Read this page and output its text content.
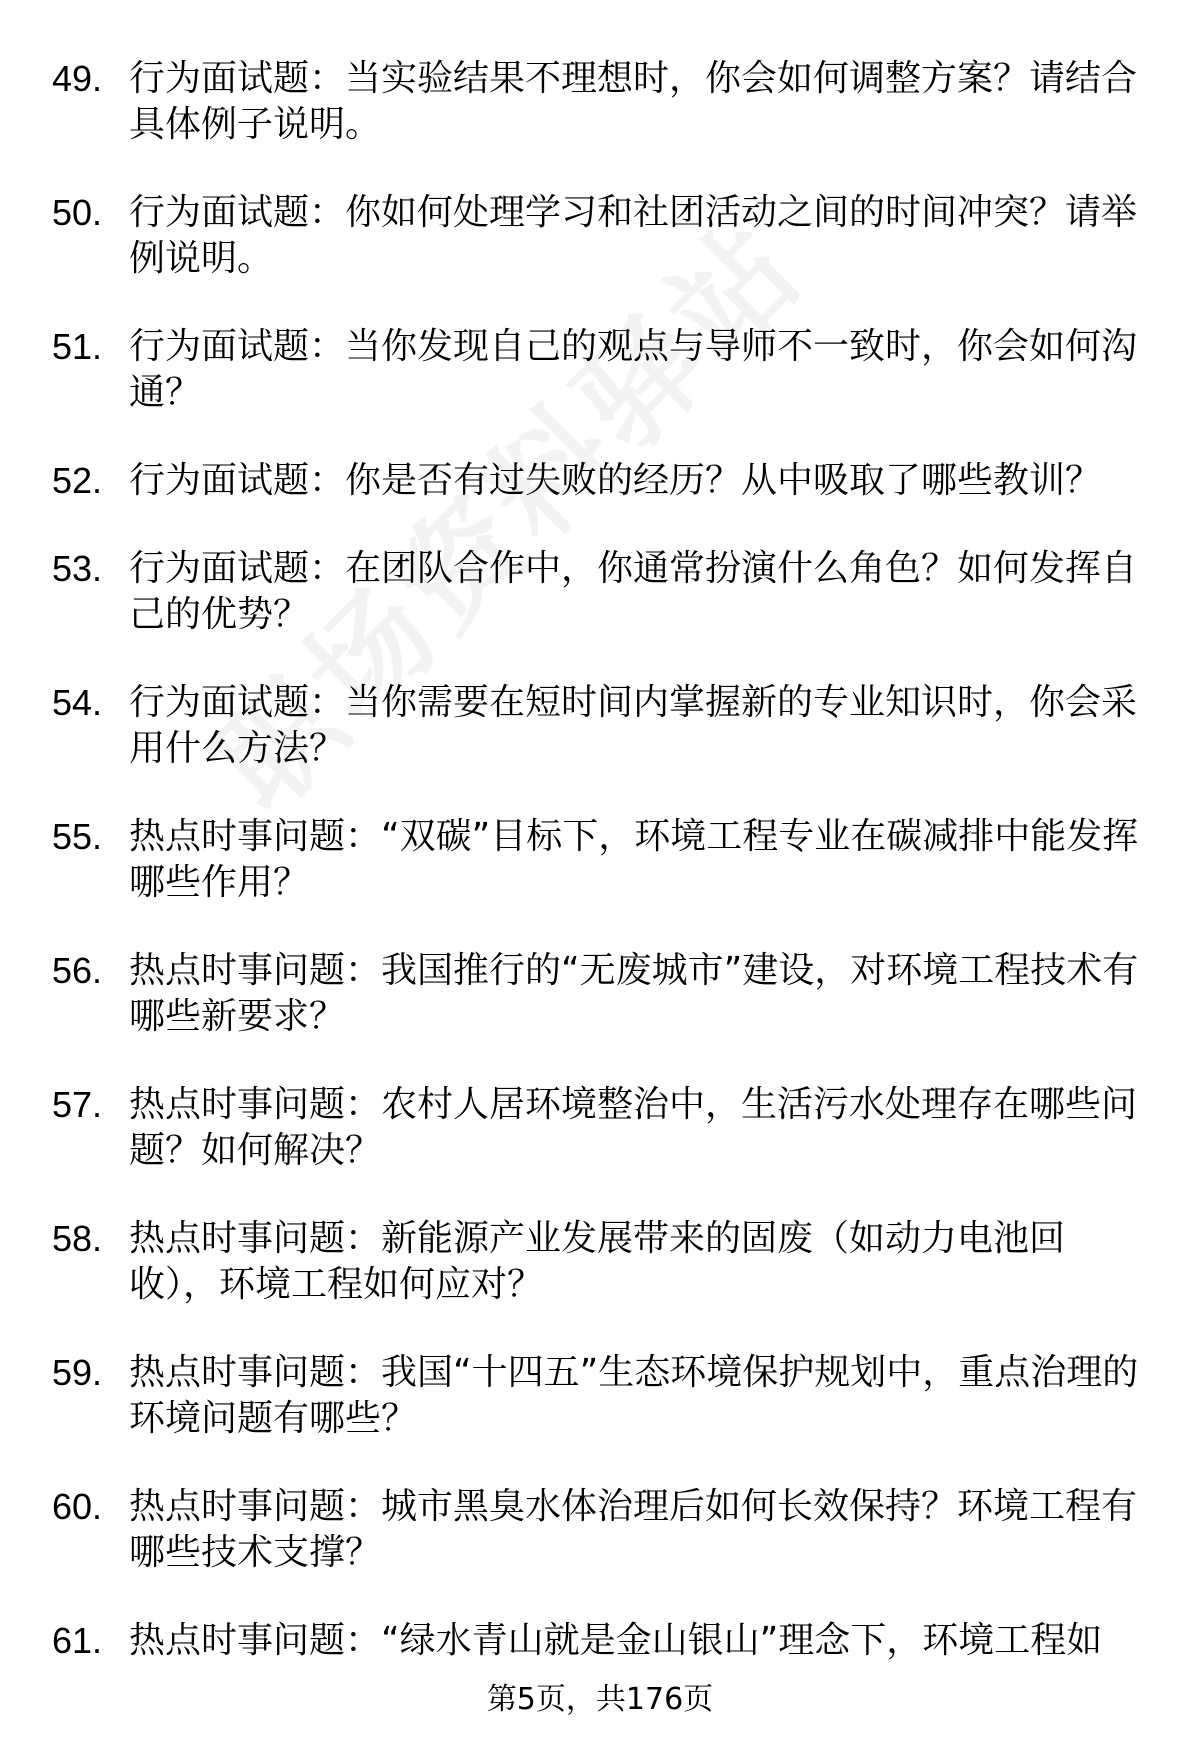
49. 行为面试题：当实验结果不理想时，你会如何调整方案？请结合具体例子说明。
50. 行为面试题：你如何处理学习和社团活动之间的时间冲突？请举例说明。
51. 行为面试题：当你发现自己的观点与导师不一致时，你会如何沟通？
52. 行为面试题：你是否有过失败的经历？从中吸取了哪些教训？
53. 行为面试题：在团队合作中，你通常扮演什么角色？如何发挥自己的优势？
54. 行为面试题：当你需要在短时间内掌握新的专业知识时，你会采用什么方法？
55. 热点时事问题：“双碳”目标下，环境工程专业在碳减排中能发挥哪些作用？
56. 热点时事问题：我国推行的“无废城市”建设，对环境工程技术有哪些新要求？
57. 热点时事问题：农村人居环境整治中，生活污水处理存在哪些问题？如何解决？
58. 热点时事问题：新能源产业发展带来的固废（如动力电池回收），环境工程如何应对？
59. 热点时事问题：我国“十四五”生态环境保护规划中，重点治理的环境问题有哪些？
60. 热点时事问题：城市黑臭水体治理后如何长效保持？环境工程有哪些技术支撑？
61. 热点时事问题：“绿水青山就是金山银山”理念下，环境工程如
第5页，共176页
